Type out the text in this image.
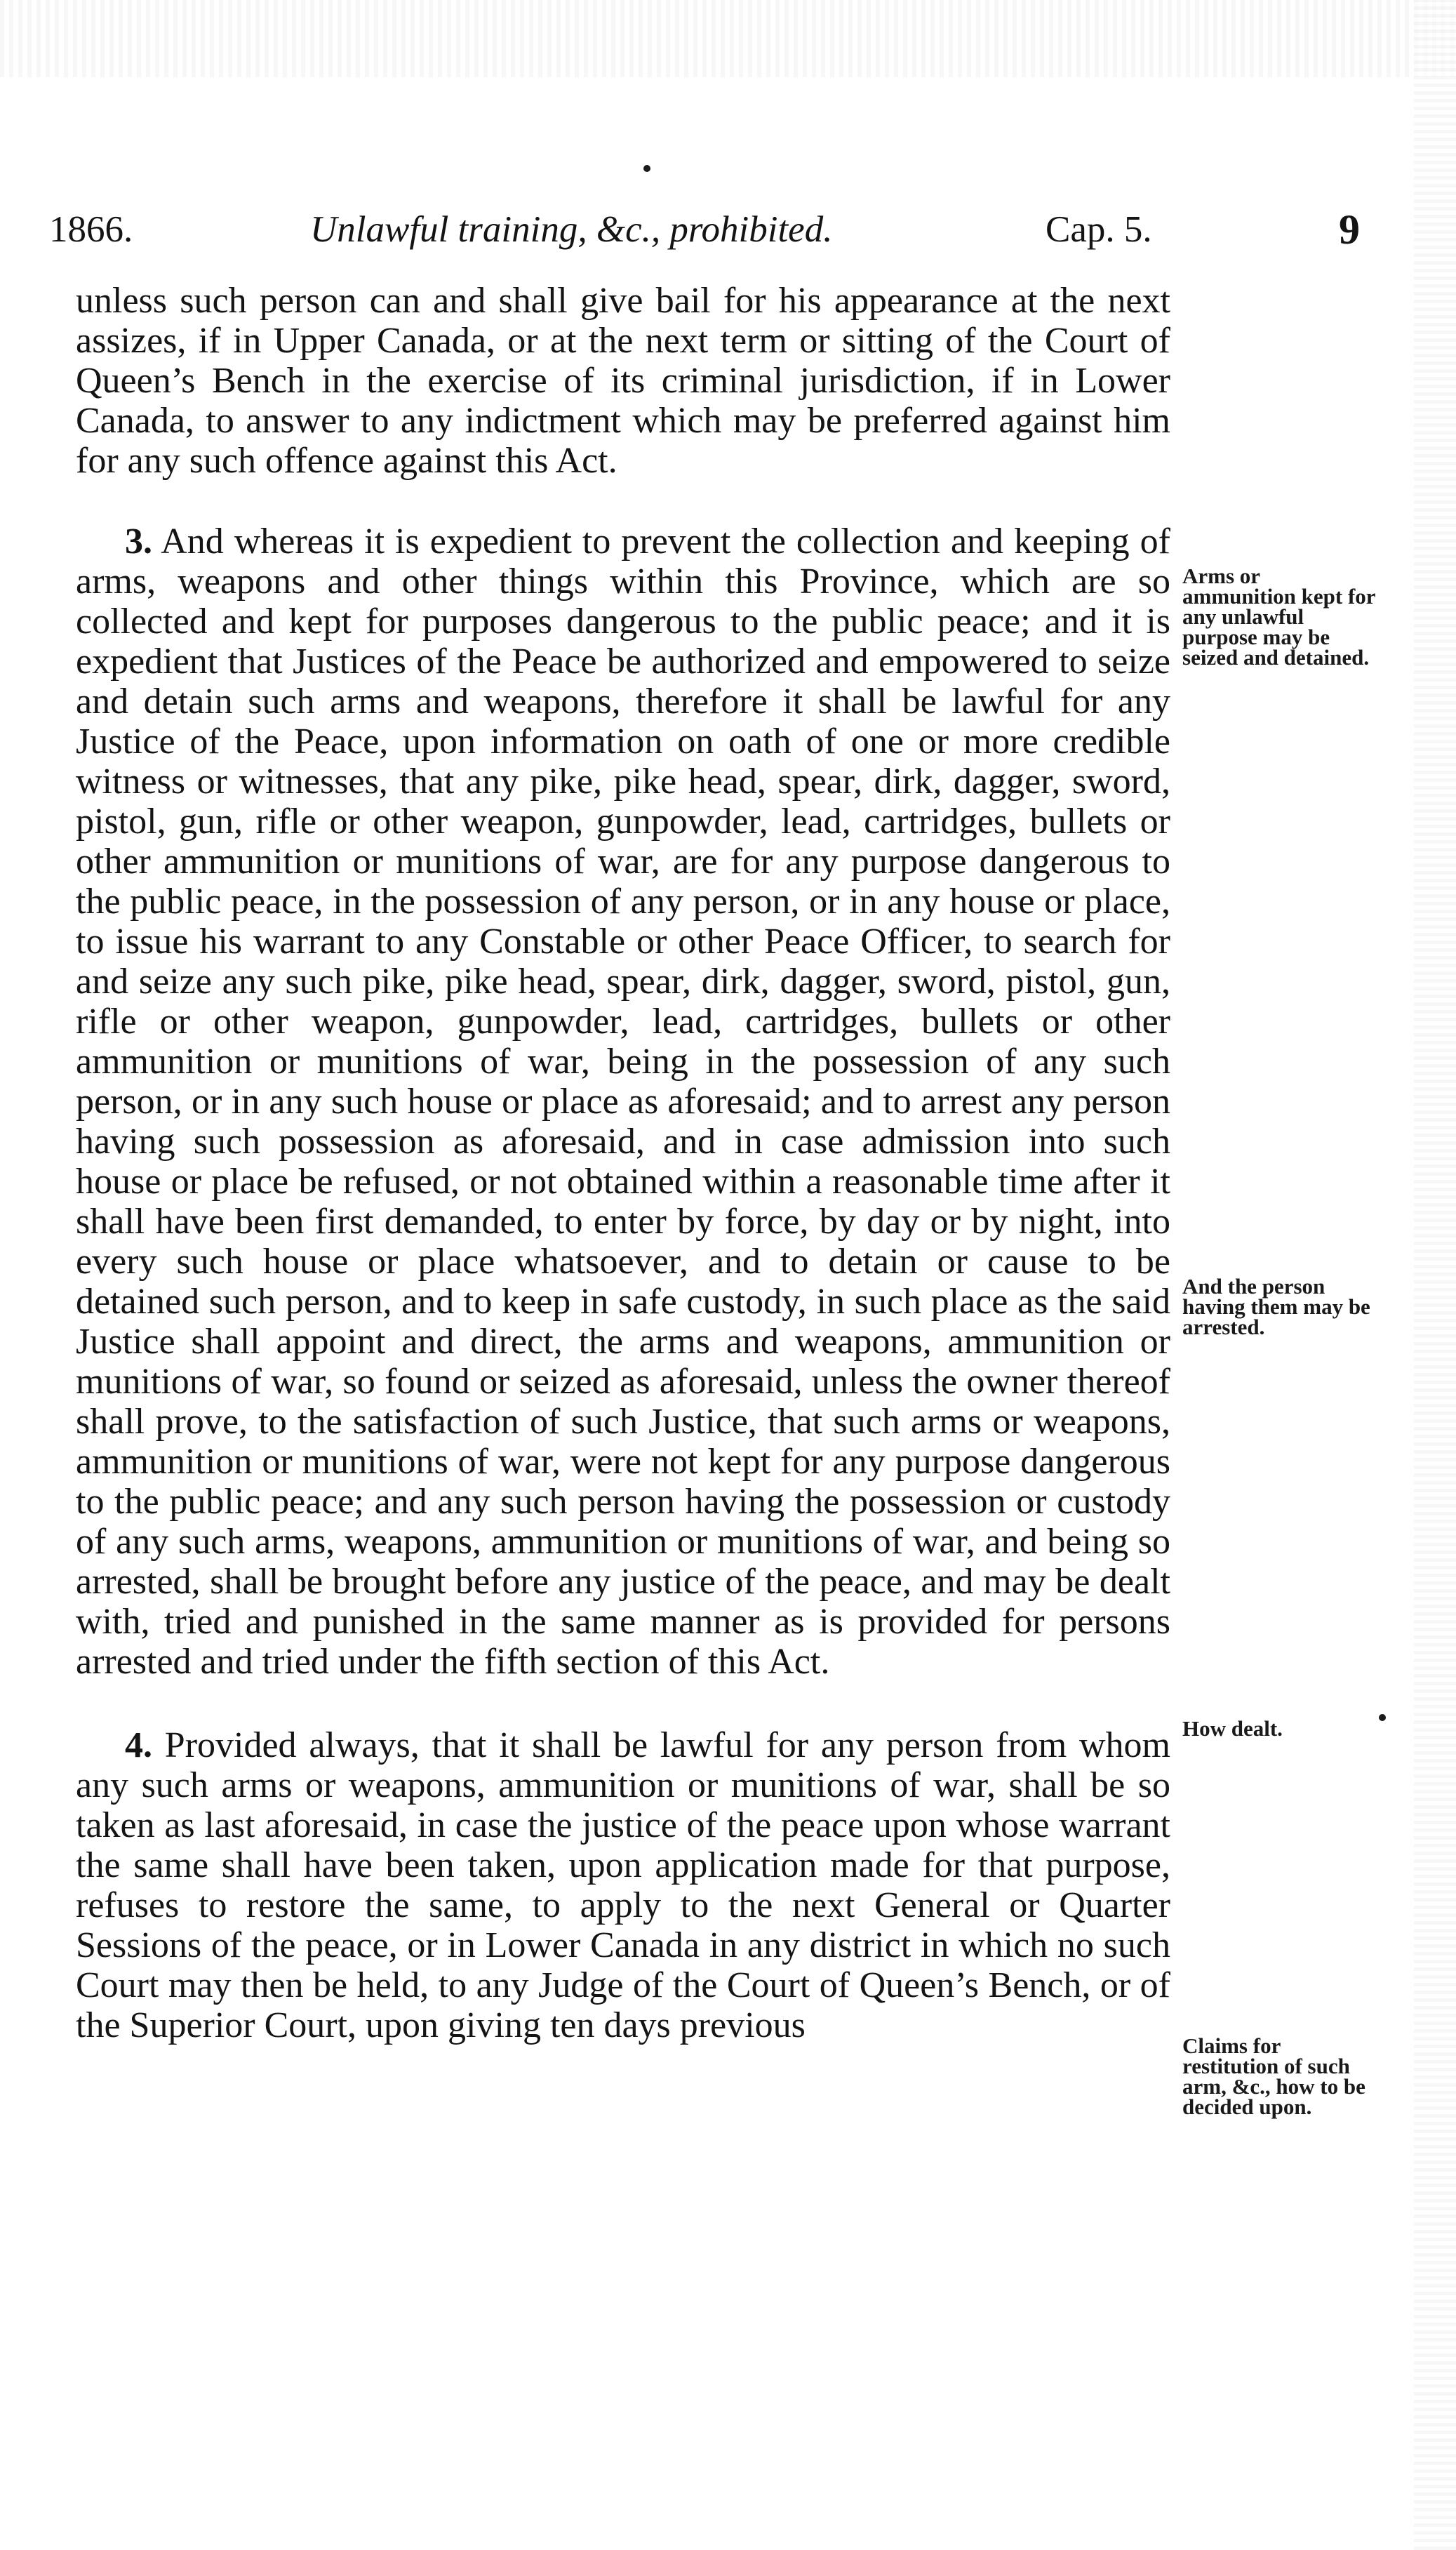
1866.	Unlawful training, &c., prohibited.	Cap. 5.	9

unless such person can and shall give bail for his appearance at the next assizes, if in Upper Canada, or at the next term or sitting of the Court of Queen’s Bench in the exercise of its criminal jurisdiction, if in Lower Canada, to answer to any indictment which may be preferred against him for any such offence against this Act.

3. And whereas it is expedient to prevent the collection and keeping of arms, weapons and other things within this Province, which are so collected and kept for purposes dangerous to the public peace; and it is expedient that Justices of the Peace be authorized and empowered to seize and detain such arms and weapons, therefore it shall be lawful for any Justice of the Peace, upon information on oath of one or more credible witness or witnesses, that any pike, pike head, spear, dirk, dagger, sword, pistol, gun, rifle or other weapon, gunpowder, lead, cartridges, bullets or other ammunition or munitions of war, are for any purpose dangerous to the public peace, in the possession of any person, or in any house or place, to issue his warrant to any Constable or other Peace Officer, to search for and seize any such pike, pike head, spear, dirk, dagger, sword, pistol, gun, rifle or other weapon, gunpowder, lead, cartridges, bullets or other ammunition or munitions of war, being in the possession of any such person, or in any such house or place as aforesaid; and to arrest any person having such possession as aforesaid, and in case admission into such house or place be refused, or not obtained within a reasonable time after it shall have been first demanded, to enter by force, by day or by night, into every such house or place whatsoever, and to detain or cause to be detained such person, and to keep in safe custody, in such place as the said Justice shall appoint and direct, the arms and weapons, ammunition or munitions of war, so found or seized as aforesaid, unless the owner thereof shall prove, to the satisfaction of such Justice, that such arms or weapons, ammunition or munitions of war, were not kept for any purpose dangerous to the public peace; and any such person having the possession or custody of any such arms, weapons, ammunition or munitions of war, and being so arrested, shall be brought before any justice of the peace, and may be dealt with, tried and punished in the same manner as is provided for persons arrested and tried under the fifth section of this Act.

4. Provided always, that it shall be lawful for any person from whom any such arms or weapons, ammunition or munitions of war, shall be so taken as last aforesaid, in case the justice of the peace upon whose warrant the same shall have been taken, upon application made for that purpose, refuses to restore the same, to apply to the next General or Quarter Sessions of the peace, or in Lower Canada in any district in which no such Court may then be held, to any Judge of the Court of Queen’s Bench, or of the Superior Court, upon giving ten days previous

Arms or ammunition kept for any unlawful purpose may be seized and detained.
And the person having them may be arrested.
How dealt.
Claims for restitution of such arm, &c., how to be decided upon.
